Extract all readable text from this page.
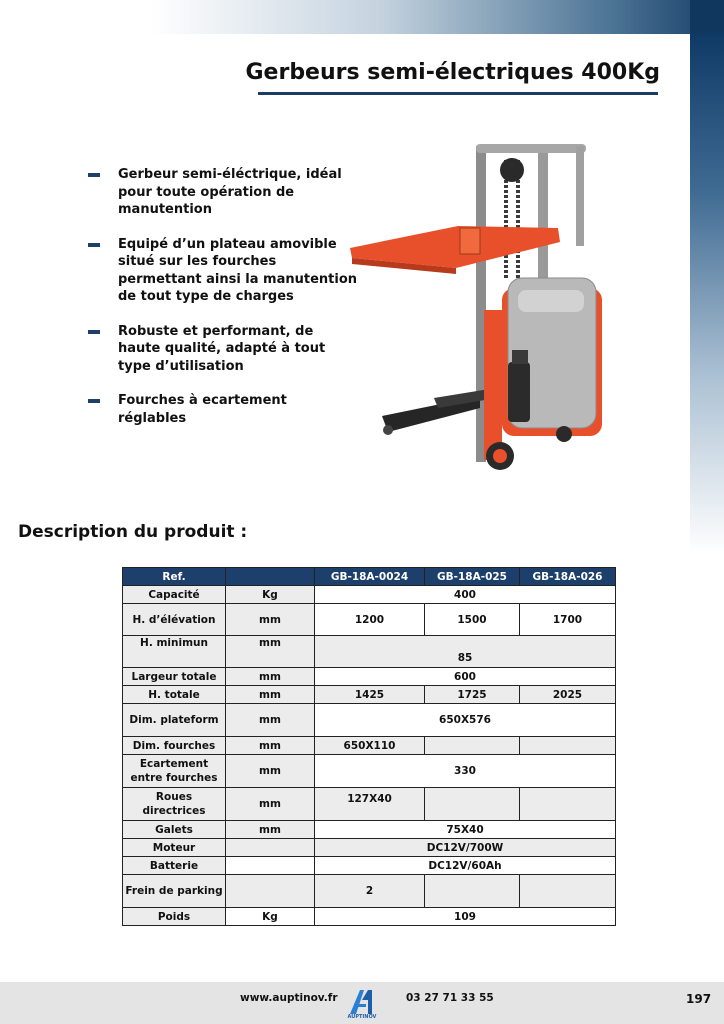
Gerbeurs semi-électriques 400Kg
Gerbeur semi-éléctrique, idéal pour toute opération de manutention
Equipé d’un plateau amovible situé sur les fourches permettant ainsi la manutention de tout type de charges
Robuste et performant, de haute qualité, adapté à tout type d’utilisation
Fourches à ecartement réglables
Description du produit :
Ref.		GB-18A-0024	GB-18A-025	GB-18A-026
Capacité	Kg	400		
H. d’élévation	mm	1200	1500	1700
H. minimun	mm	85		
Largeur totale	mm	600		
H. totale	mm	1425	1725	2025
Dim. plateform	mm	650X576		
Dim. fourches	mm	650X110		
Ecartement entre fourches	mm	330		
Roues directrices	mm	127X40		
Galets	mm	75X40		
Moteur		DC12V/700W		
Batterie		DC12V/60Ah		
Frein de parking		2		
Poids	Kg	109		
www.auptinov.fr
AUPTINOV
03 27 71 33 55	197
